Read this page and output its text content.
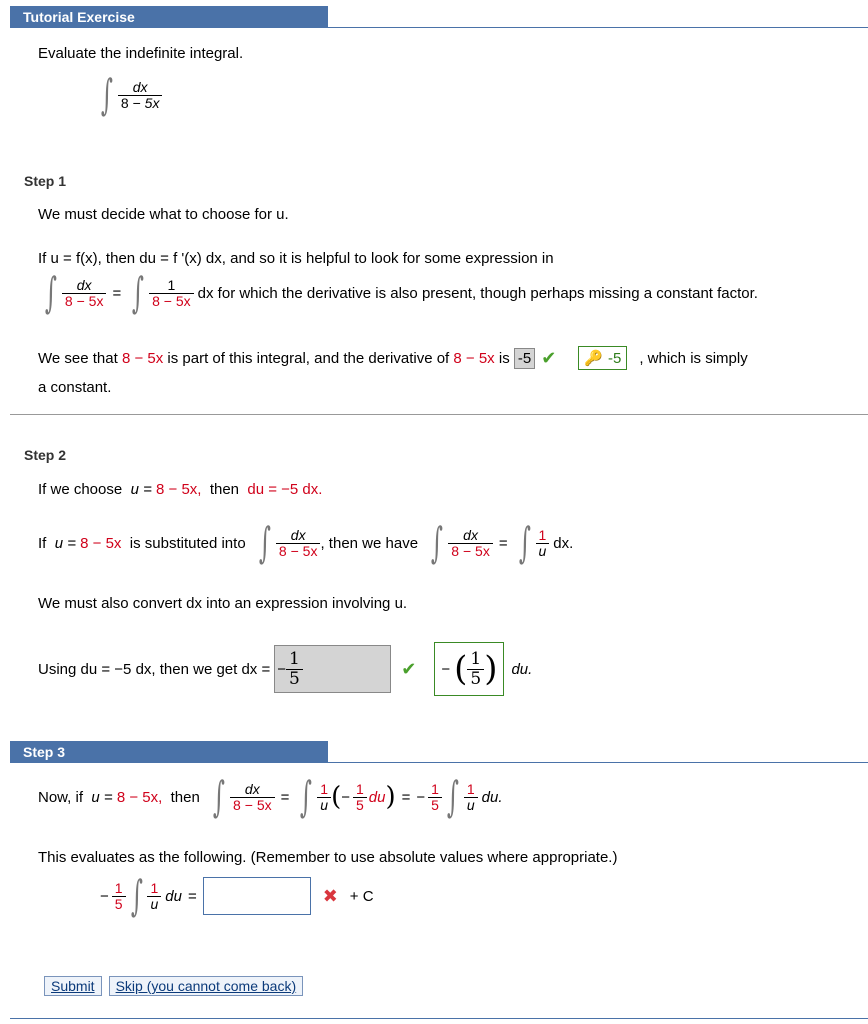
Tutorial Exercise
Evaluate the indefinite integral.
∫ $\frac{dx}{8 - 5x}$
Step 1
We must decide what to choose for u.
If u = f(x), then du = f '(x) dx, and so it is helpful to look for some expression in
∫ $\frac{dx}{8 - 5x}$ = ∫ $\frac{1}{8 - 5x}$ dx for which the derivative is also present, though perhaps missing a constant factor.
We see that
8 − 5x
is part of this integral, and the derivative of
8 − 5x
is
-5 ✔ 🔑 -5 , which is simply
a constant.
Step 2
If we choose
u =
8 − 5x,
then
du = −5 dx.
If
u =
8 − 5x
is substituted into
∫ $\frac{dx}{8 - 5x}$ , then we have
∫ $\frac{dx}{8 - 5x}$ = ∫ $\frac{1}{u}$ dx.
We must also convert dx into an expression involving u.
Using du = −5 dx, then we get dx = − $\frac{1}{5}$	✔ − ( $\frac{1}{5}$ ) du.
Step 3
Now, if
u =
8 − 5x,
then
∫ $\frac{dx}{8 - 5x}$ = ∫ $\frac{1}{u}$ ( − $\frac{1}{5}$ du ) = − $\frac{1}{5}$ ∫ $\frac{1}{u}$ du.
This evaluates as the following. (Remember to use absolute values where appropriate.)
− $\frac{1}{5}$ ∫ $\frac{1}{u}$ du =	✖ + C
Submit	Skip (you cannot come back)
